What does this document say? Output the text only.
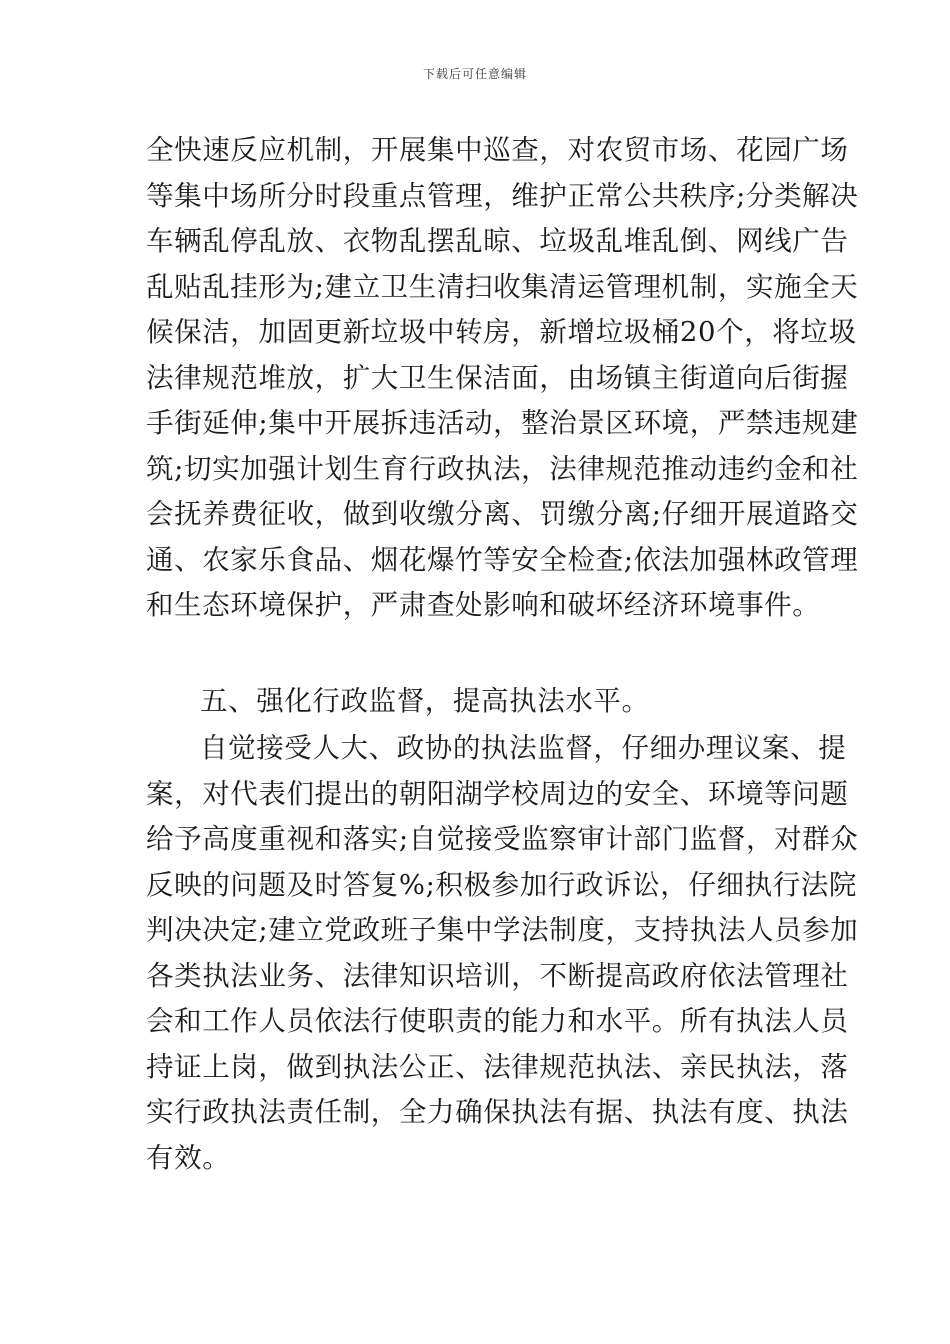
下载后可任意编辑
全快速反应机制，开展集中巡查，对农贸市场、花园广场
等集中场所分时段重点管理，维护正常公共秩序;分类解决
车辆乱停乱放、衣物乱摆乱晾、垃圾乱堆乱倒、网线广告
乱贴乱挂形为;建立卫生清扫收集清运管理机制，实施全天
候保洁，加固更新垃圾中转房，新增垃圾桶20个，将垃圾
法律规范堆放，扩大卫生保洁面，由场镇主街道向后街握
手街延伸;集中开展拆违活动，整治景区环境，严禁违规建
筑;切实加强计划生育行政执法，法律规范推动违约金和社
会抚养费征收，做到收缴分离、罚缴分离;仔细开展道路交
通、农家乐食品、烟花爆竹等安全检查;依法加强林政管理
和生态环境保护，严肃查处影响和破坏经济环境事件。
五、强化行政监督，提高执法水平。
自觉接受人大、政协的执法监督，仔细办理议案、提
案，对代表们提出的朝阳湖学校周边的安全、环境等问题
给予高度重视和落实;自觉接受监察审计部门监督，对群众
反映的问题及时答复%;积极参加行政诉讼，仔细执行法院
判决决定;建立党政班子集中学法制度，支持执法人员参加
各类执法业务、法律知识培训，不断提高政府依法管理社
会和工作人员依法行使职责的能力和水平。所有执法人员
持证上岗，做到执法公正、法律规范执法、亲民执法，落
实行政执法责任制，全力确保执法有据、执法有度、执法
有效。
